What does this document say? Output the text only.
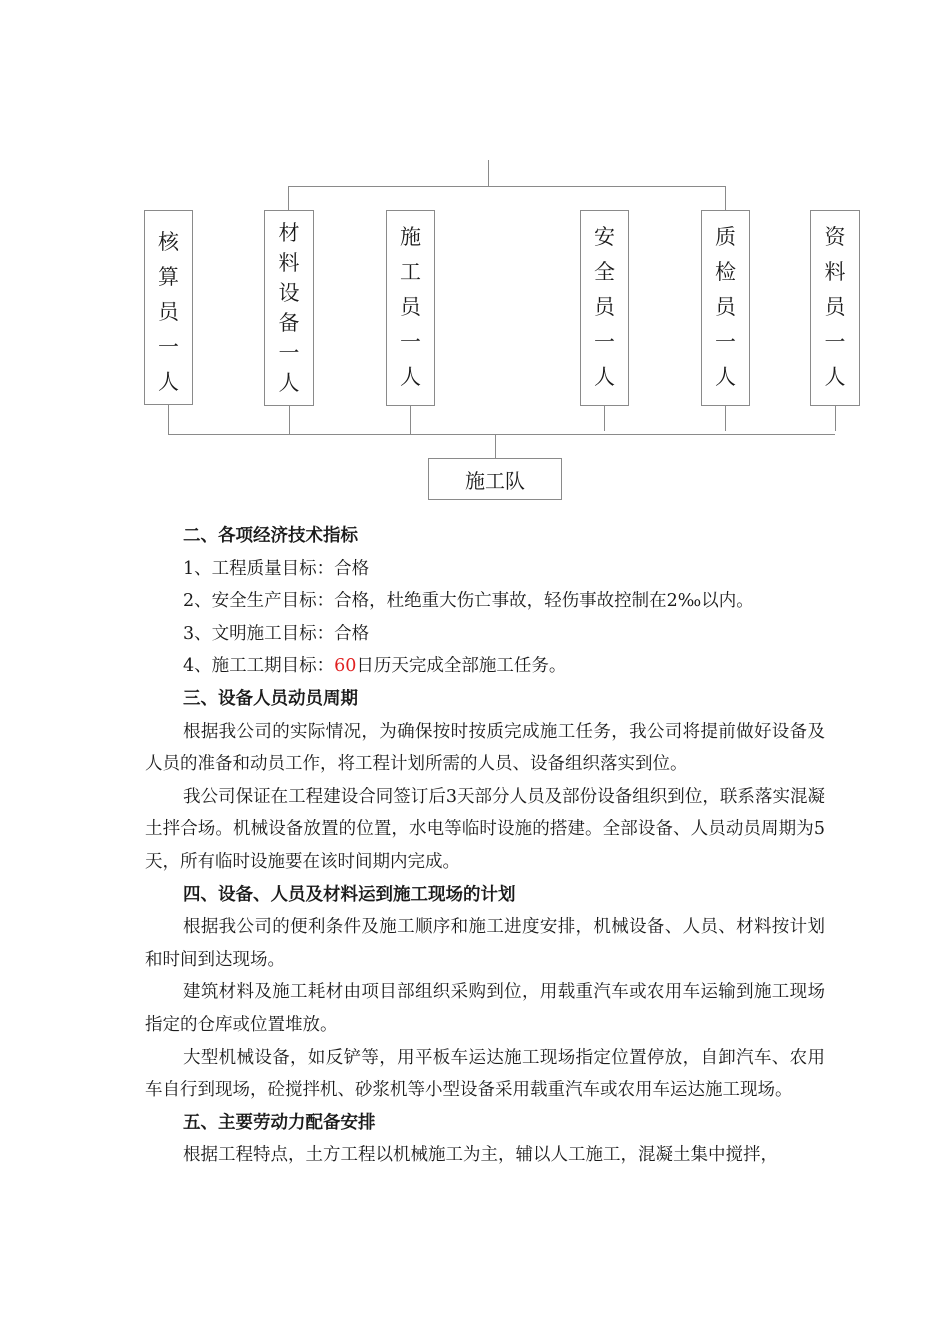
核
算
员
一
人
材
料
设
备
一
人
施
工
员
一
人
安
全
员
一
人
质
检
员
一
人
资
料
员
一
人
施工队

二、各项经济技术指标

1、工程质量目标：合格

2、安全生产目标：合格，杜绝重大伤亡事故，轻伤事故控制在2‰以内。

3、文明施工目标：合格

4、施工工期目标：60日历天完成全部施工任务。

三、设备人员动员周期

根据我公司的实际情况，为确保按时按质完成施工任务，我公司将提前做好设备及人员的准备和动员工作，将工程计划所需的人员、设备组织落实到位。

我公司保证在工程建设合同签订后3天部分人员及部份设备组织到位，联系落实混凝土拌合场。机械设备放置的位置，水电等临时设施的搭建。全部设备、人员动员周期为5天，所有临时设施要在该时间期内完成。

四、设备、人员及材料运到施工现场的计划

根据我公司的便利条件及施工顺序和施工进度安排，机械设备、人员、材料按计划和时间到达现场。

建筑材料及施工耗材由项目部组织采购到位，用载重汽车或农用车运输到施工现场指定的仓库或位置堆放。

大型机械设备，如反铲等，用平板车运达施工现场指定位置停放，自卸汽车、农用车自行到现场，砼搅拌机、砂浆机等小型设备采用载重汽车或农用车运达施工现场。

五、主要劳动力配备安排

根据工程特点，土方工程以机械施工为主，辅以人工施工，混凝土集中搅拌，
